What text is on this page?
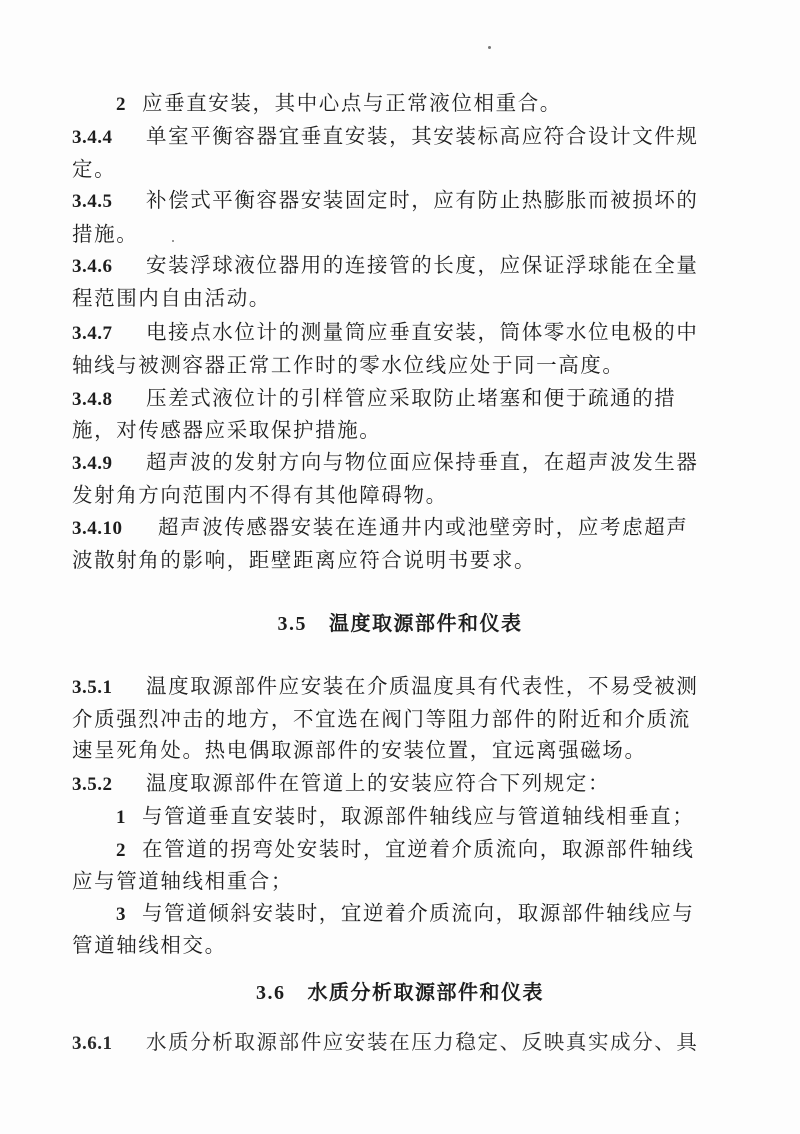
2 应垂直安装，其中心点与正常液位相重合。
3.4.4 单室平衡容器宜垂直安装，其安装标高应符合设计文件规
定。
3.4.5 补偿式平衡容器安装固定时，应有防止热膨胀而被损坏的
措施。
3.4.6 安装浮球液位器用的连接管的长度，应保证浮球能在全量
程范围内自由活动。
3.4.7 电接点水位计的测量筒应垂直安装，筒体零水位电极的中
轴线与被测容器正常工作时的零水位线应处于同一高度。
3.4.8 压差式液位计的引样管应采取防止堵塞和便于疏通的措
施，对传感器应采取保护措施。
3.4.9 超声波的发射方向与物位面应保持垂直，在超声波发生器
发射角方向范围内不得有其他障碍物。
3.4.10 超声波传感器安装在连通井内或池壁旁时，应考虑超声
波散射角的影响，距壁距离应符合说明书要求。
3.5 温度取源部件和仪表
3.5.1 温度取源部件应安装在介质温度具有代表性，不易受被测
介质强烈冲击的地方，不宜选在阀门等阻力部件的附近和介质流
速呈死角处。热电偶取源部件的安装位置，宜远离强磁场。
3.5.2 温度取源部件在管道上的安装应符合下列规定：
1 与管道垂直安装时，取源部件轴线应与管道轴线相垂直；
2 在管道的拐弯处安装时，宜逆着介质流向，取源部件轴线
应与管道轴线相重合；
3 与管道倾斜安装时，宜逆着介质流向，取源部件轴线应与
管道轴线相交。
3.6 水质分析取源部件和仪表
3.6.1 水质分析取源部件应安装在压力稳定、反映真实成分、具
